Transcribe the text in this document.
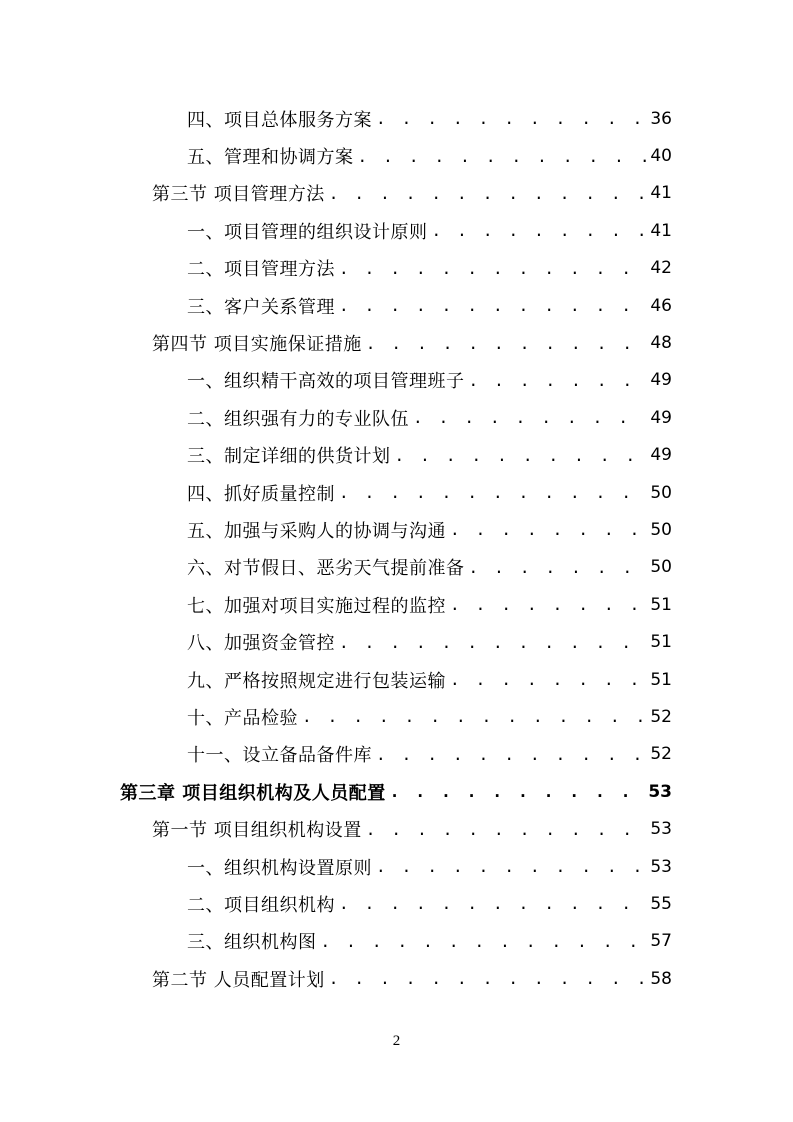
四、项目总体服务方案 . . .	36
五、管理和协调方案 . . .	40
第三节 项目管理方法 . . .	41
一、项目管理的组织设计原则 . . .	41
二、项目管理方法 . . .	42
三、客户关系管理 . . .	46
第四节 项目实施保证措施 . . .	48
一、组织精干高效的项目管理班子 . . .	49
二、组织强有力的专业队伍 . . .	49
三、制定详细的供货计划 . . .	49
四、抓好质量控制 . . .	50
五、加强与采购人的协调与沟通 . . .	50
六、对节假日、恶劣天气提前准备 . . .	50
七、加强对项目实施过程的监控 . . .	51
八、加强资金管控 . . .	51
九、严格按照规定进行包装运输 . . .	51
十、产品检验 . . .	52
十一、设立备品备件库 . . .	52
第三章 项目组织机构及人员配置 . . .	53
第一节 项目组织机构设置 . . .	53
一、组织机构设置原则 . . .	53
二、项目组织机构 . . .	55
三、组织机构图 . . .	57
第二节 人员配置计划 . . .	58
2
